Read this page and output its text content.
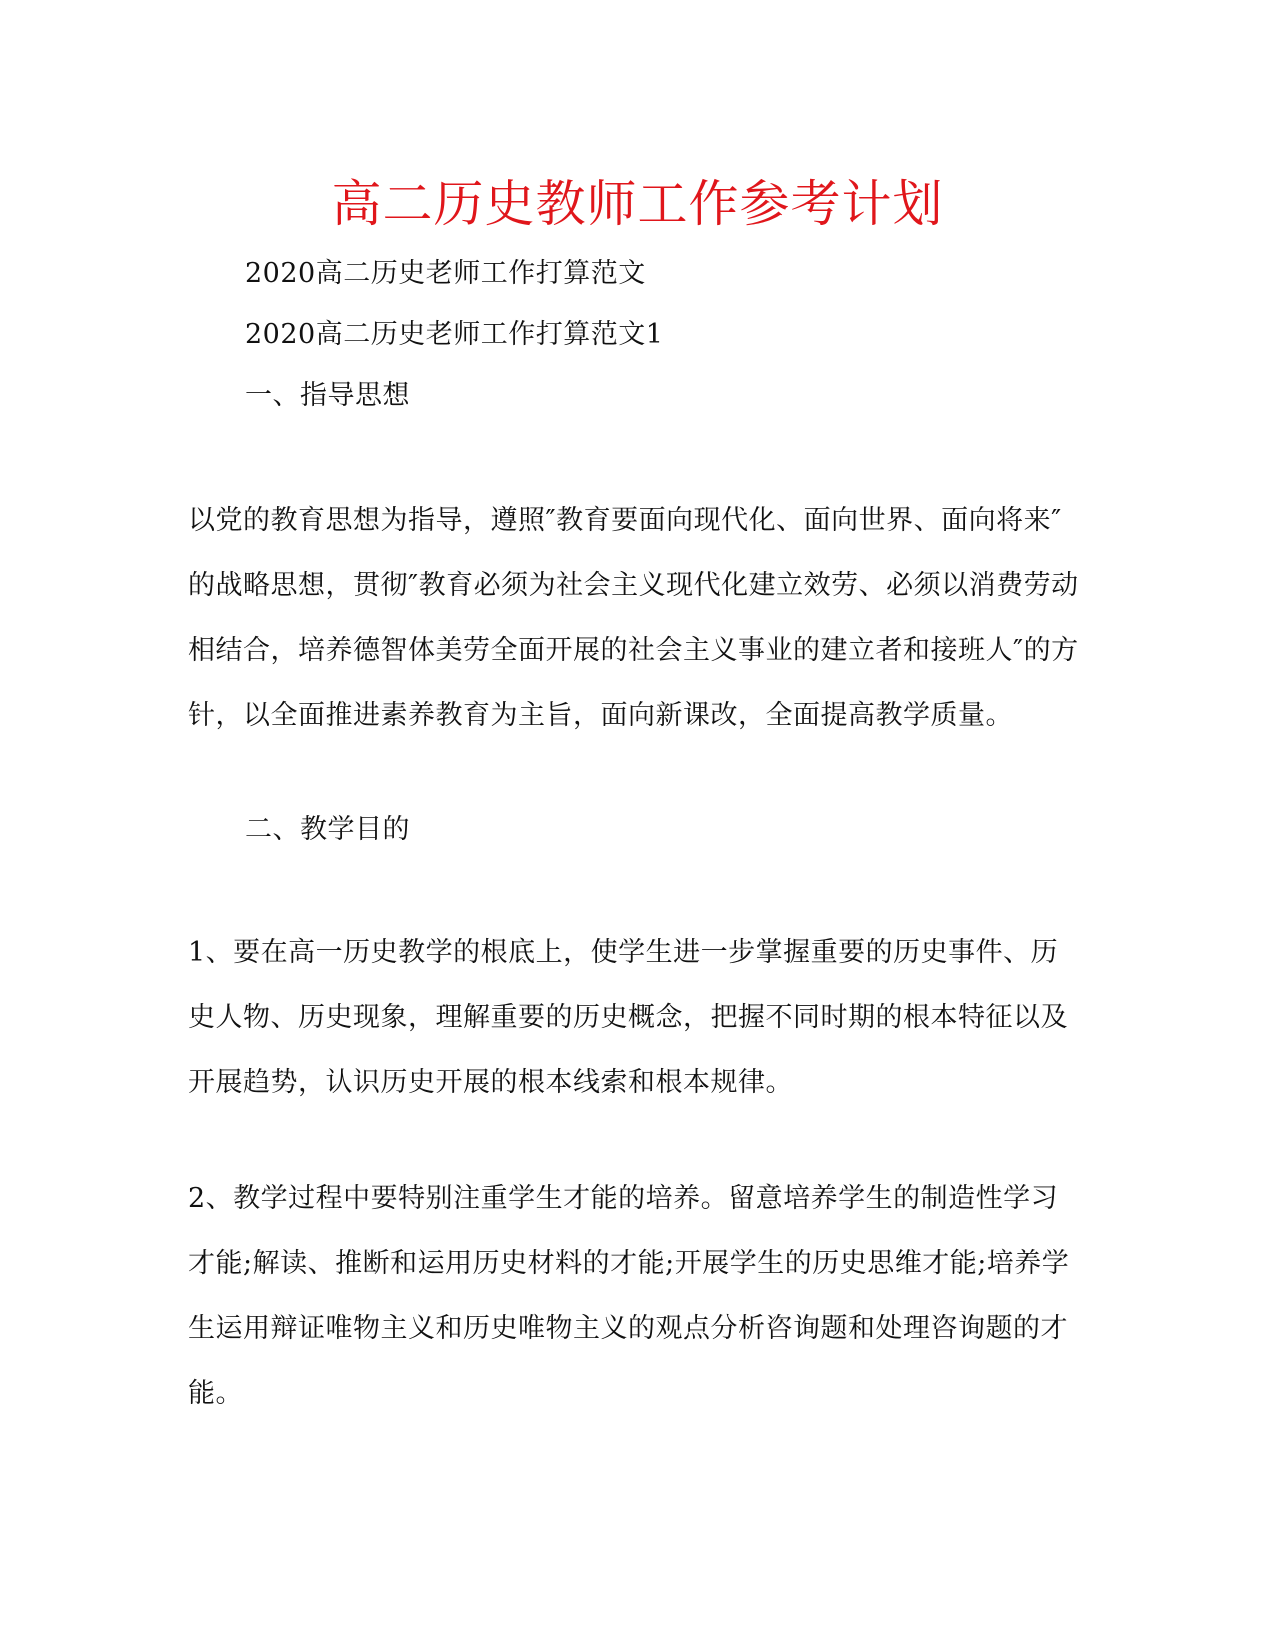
高二历史教师工作参考计划
2020高二历史老师工作打算范文
2020高二历史老师工作打算范文1
一、指导思想
以党的教育思想为指导，遵照″教育要面向现代化、面向世界、面向将来″的战略思想，贯彻″教育必须为社会主义现代化建立效劳、必须以消费劳动相结合，培养德智体美劳全面开展的社会主义事业的建立者和接班人″的方针，以全面推进素养教育为主旨，面向新课改，全面提高教学质量。
二、教学目的
1、要在高一历史教学的根底上，使学生进一步掌握重要的历史事件、历史人物、历史现象，理解重要的历史概念，把握不同时期的根本特征以及开展趋势，认识历史开展的根本线索和根本规律。
2、教学过程中要特别注重学生才能的培养。留意培养学生的制造性学习才能;解读、推断和运用历史材料的才能;开展学生的历史思维才能;培养学生运用辩证唯物主义和历史唯物主义的观点分析咨询题和处理咨询题的才能。
